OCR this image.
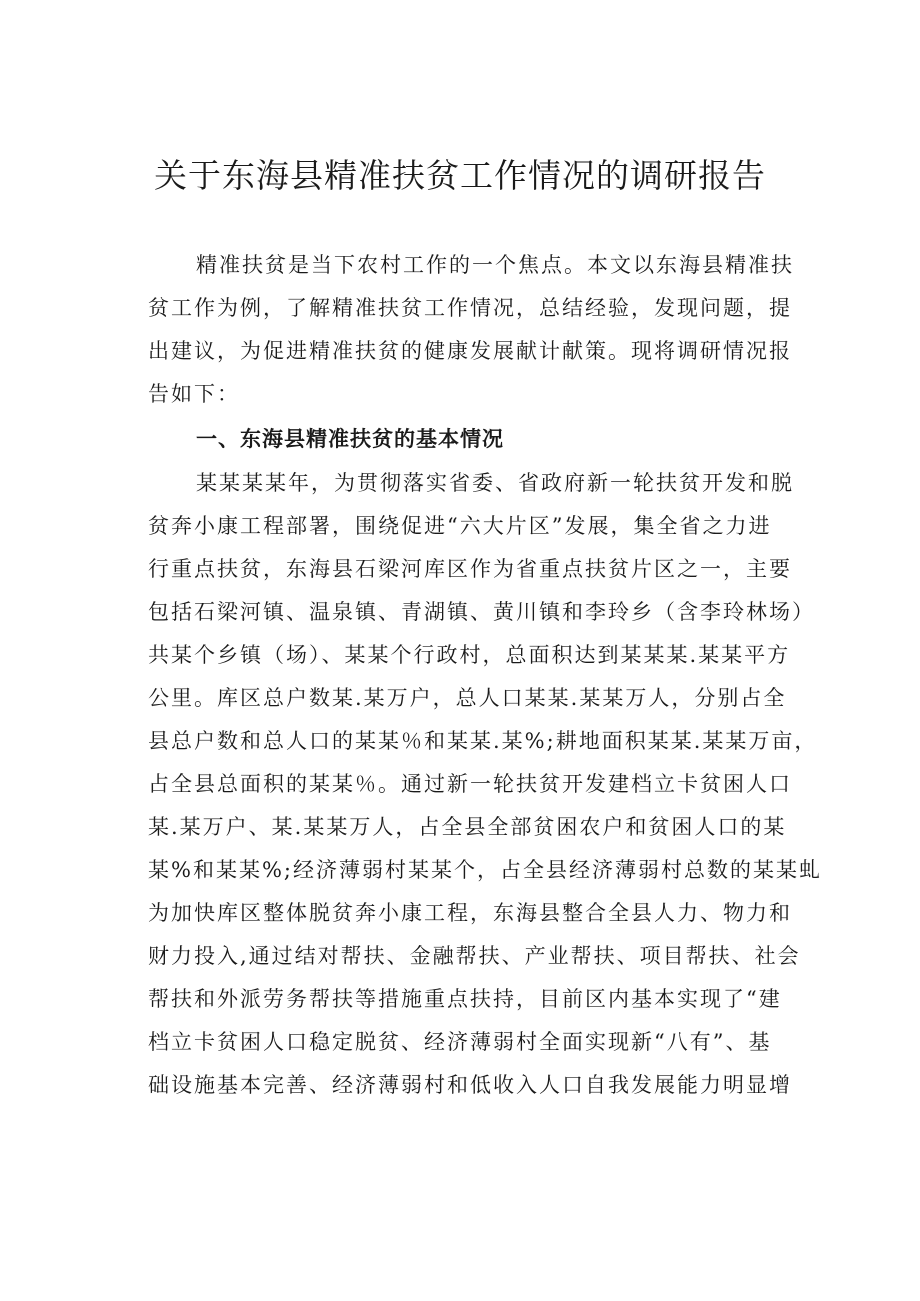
关于东海县精准扶贫工作情况的调研报告
精准扶贫是当下农村工作的一个焦点。本文以东海县精准扶
贫工作为例，了解精准扶贫工作情况，总结经验，发现问题，提
出建议，为促进精准扶贫的健康发展献计献策。现将调研情况报
告如下：
一、东海县精准扶贫的基本情况
某某某某年，为贯彻落实省委、省政府新一轮扶贫开发和脱
贫奔小康工程部署，围绕促进“六大片区”发展，集全省之力进
行重点扶贫，东海县石梁河库区作为省重点扶贫片区之一，主要
包括石梁河镇、温泉镇、青湖镇、黄川镇和李玲乡（含李玲林场）
共某个乡镇（场）、某某个行政村，总面积达到某某某.某某平方
公里。库区总户数某.某万户，总人口某某.某某万人，分别占全
县总户数和总人口的某某％和某某.某%;耕地面积某某.某某万亩，
占全县总面积的某某％。通过新一轮扶贫开发建档立卡贫困人口
某.某万户、某.某某万人，占全县全部贫困农户和贫困人口的某
某%和某某%;经济薄弱村某某个，占全县经济薄弱村总数的某某虬
为加快库区整体脱贫奔小康工程，东海县整合全县人力、物力和
财力投入,通过结对帮扶、金融帮扶、产业帮扶、项目帮扶、社会
帮扶和外派劳务帮扶等措施重点扶持，目前区内基本实现了“建
档立卡贫困人口稳定脱贫、经济薄弱村全面实现新“八有”、基
础设施基本完善、经济薄弱村和低收入人口自我发展能力明显增
